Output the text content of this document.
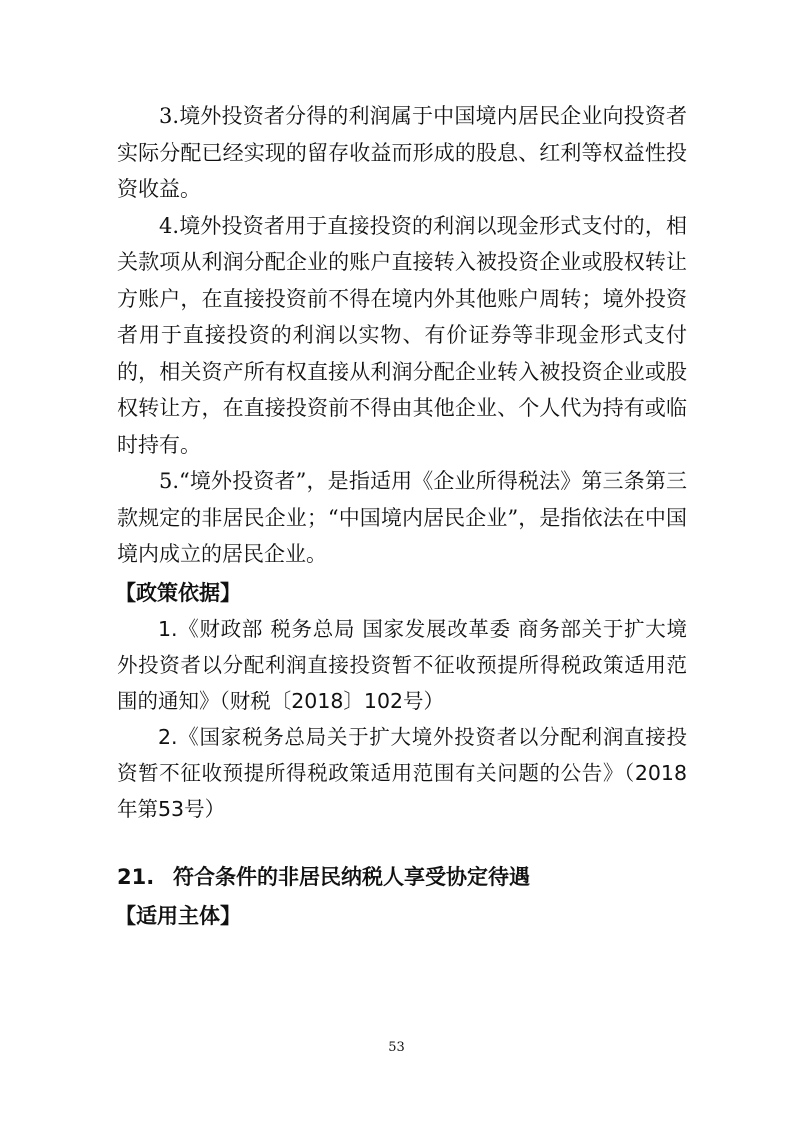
3.境外投资者分得的利润属于中国境内居民企业向投资者实际分配已经实现的留存收益而形成的股息、红利等权益性投资收益。

4.境外投资者用于直接投资的利润以现金形式支付的，相关款项从利润分配企业的账户直接转入被投资企业或股权转让方账户，在直接投资前不得在境内外其他账户周转；境外投资者用于直接投资的利润以实物、有价证券等非现金形式支付的，相关资产所有权直接从利润分配企业转入被投资企业或股权转让方，在直接投资前不得由其他企业、个人代为持有或临时持有。

5.“境外投资者”，是指适用《企业所得税法》第三条第三款规定的非居民企业；“中国境内居民企业”，是指依法在中国境内成立的居民企业。

【政策依据】

1.《财政部 税务总局 国家发展改革委 商务部关于扩大境外投资者以分配利润直接投资暂不征收预提所得税政策适用范围的通知》（财税〔2018〕102号）

2.《国家税务总局关于扩大境外投资者以分配利润直接投资暂不征收预提所得税政策适用范围有关问题的公告》（2018年第53号）

21. 符合条件的非居民纳税人享受协定待遇
【适用主体】
53
